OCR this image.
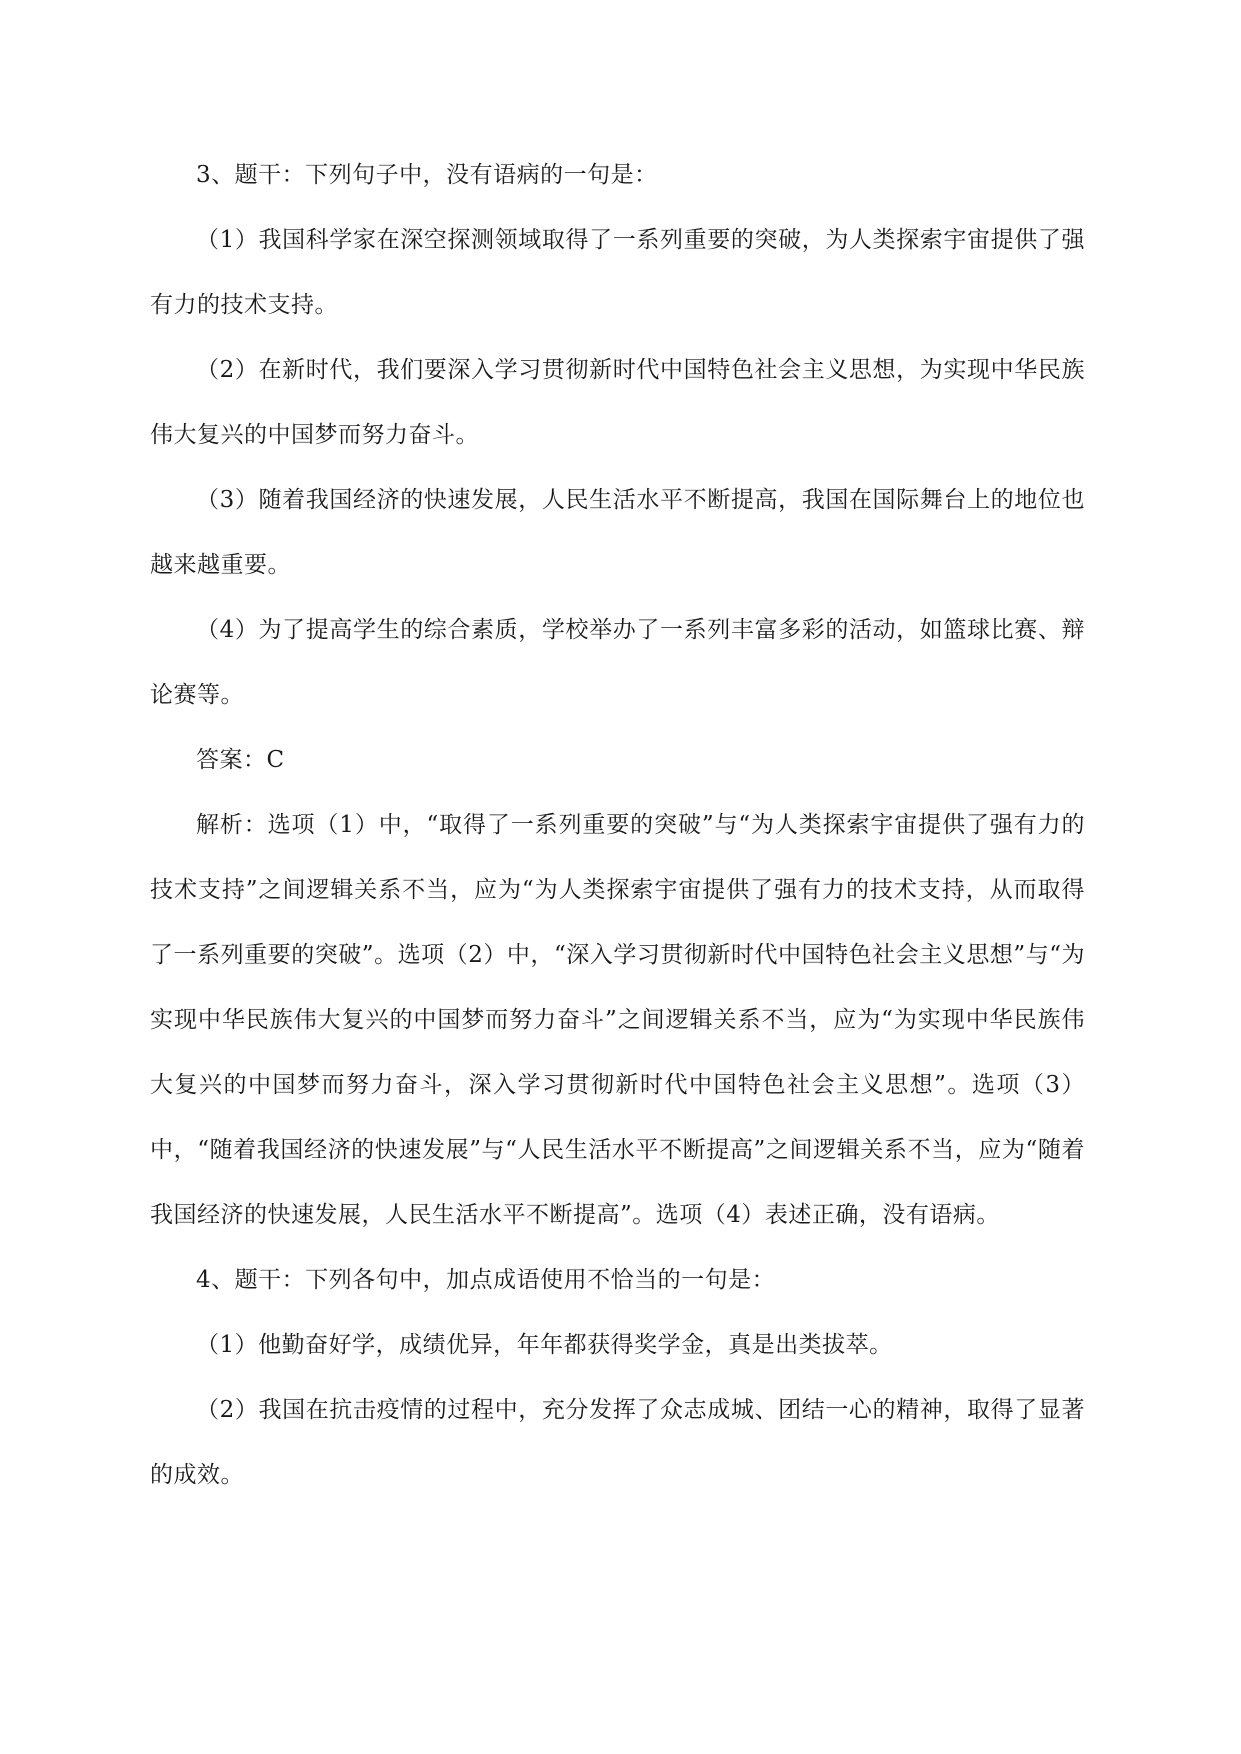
3、题干：下列句子中，没有语病的一句是：

（1）我国科学家在深空探测领域取得了一系列重要的突破，为人类探索宇宙提供了强有力的技术支持。

（2）在新时代，我们要深入学习贯彻新时代中国特色社会主义思想，为实现中华民族伟大复兴的中国梦而努力奋斗。

（3）随着我国经济的快速发展，人民生活水平不断提高，我国在国际舞台上的地位也越来越重要。

（4）为了提高学生的综合素质，学校举办了一系列丰富多彩的活动，如篮球比赛、辩论赛等。

答案：C

解析：选项（1）中，“取得了一系列重要的突破”与“为人类探索宇宙提供了强有力的技术支持”之间逻辑关系不当，应为“为人类探索宇宙提供了强有力的技术支持，从而取得了一系列重要的突破”。选项（2）中，“深入学习贯彻新时代中国特色社会主义思想”与“为实现中华民族伟大复兴的中国梦而努力奋斗”之间逻辑关系不当，应为“为实现中华民族伟大复兴的中国梦而努力奋斗，深入学习贯彻新时代中国特色社会主义思想”。选项（3）中，“随着我国经济的快速发展”与“人民生活水平不断提高”之间逻辑关系不当，应为“随着我国经济的快速发展，人民生活水平不断提高”。选项（4）表述正确，没有语病。

4、题干：下列各句中，加点成语使用不恰当的一句是：

（1）他勤奋好学，成绩优异，年年都获得奖学金，真是出类拔萃。

（2）我国在抗击疫情的过程中，充分发挥了众志成城、团结一心的精神，取得了显著的成效。
